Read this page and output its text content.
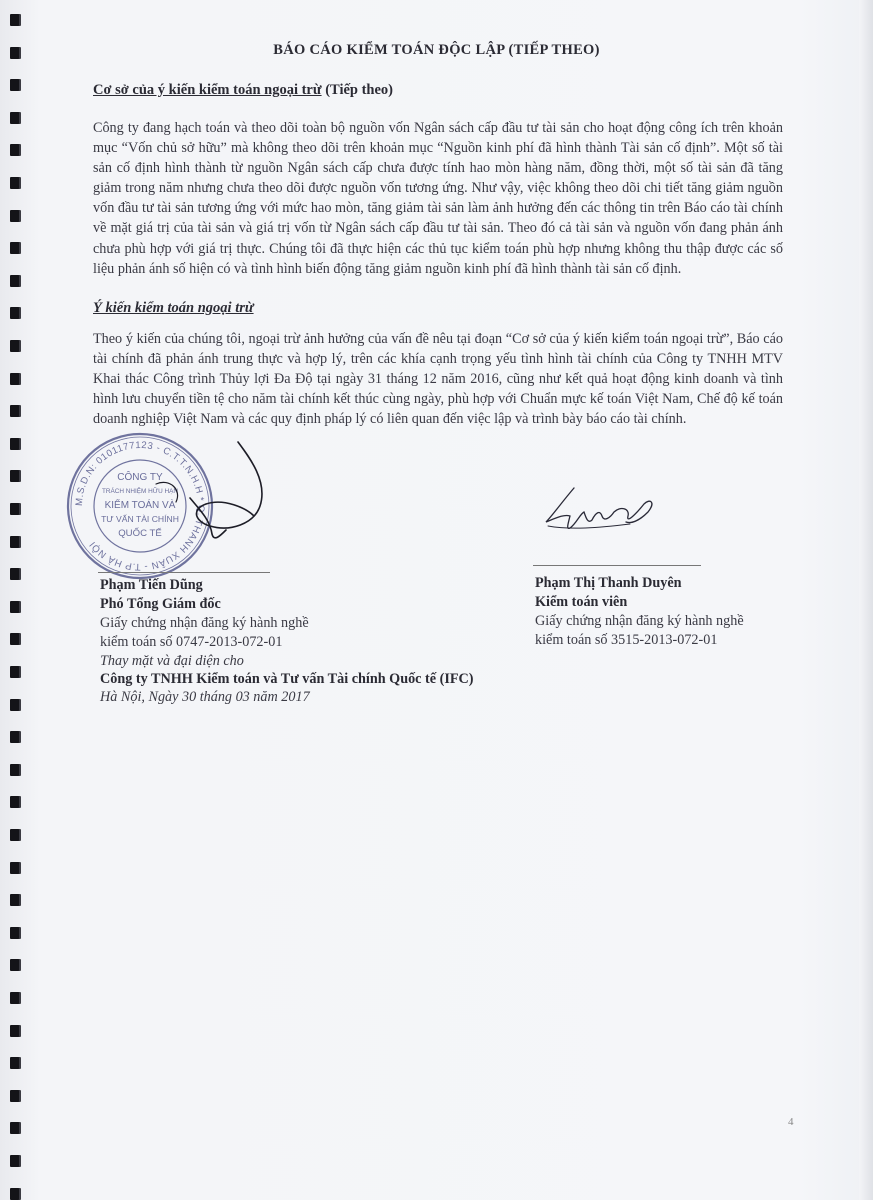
BÁO CÁO KIỂM TOÁN ĐỘC LẬP (TIẾP THEO)
Cơ sở của ý kiến kiểm toán ngoại trừ (Tiếp theo)
Công ty đang hạch toán và theo dõi toàn bộ nguồn vốn Ngân sách cấp đầu tư tài sản cho hoạt động công ích trên khoản mục “Vốn chủ sở hữu” mà không theo dõi trên khoản mục “Nguồn kinh phí đã hình thành Tài sản cố định”. Một số tài sản cố định hình thành từ nguồn Ngân sách cấp chưa được tính hao mòn hàng năm, đồng thời, một số tài sản đã tăng giảm trong năm nhưng chưa theo dõi được nguồn vốn tương ứng. Như vậy, việc không theo dõi chi tiết tăng giảm nguồn vốn đầu tư tài sản tương ứng với mức hao mòn, tăng giảm tài sản làm ảnh hưởng đến các thông tin trên Báo cáo tài chính về mặt giá trị của tài sản và giá trị vốn từ Ngân sách cấp đầu tư tài sản. Theo đó cả tài sản và nguồn vốn đang phản ánh chưa phù hợp với giá trị thực. Chúng tôi đã thực hiện các thủ tục kiểm toán phù hợp nhưng không thu thập được các số liệu phản ánh số hiện có và tình hình biến động tăng giảm nguồn kinh phí đã hình thành tài sản cố định.
Ý kiến kiểm toán ngoại trừ
Theo ý kiến của chúng tôi, ngoại trừ ảnh hưởng của vấn đề nêu tại đoạn “Cơ sở của ý kiến kiểm toán ngoại trừ”, Báo cáo tài chính đã phản ánh trung thực và hợp lý, trên các khía cạnh trọng yếu tình hình tài chính của Công ty TNHH MTV Khai thác Công trình Thủy lợi Đa Độ tại ngày 31 tháng 12 năm 2016, cũng như kết quả hoạt động kinh doanh và tình hình lưu chuyển tiền tệ cho năm tài chính kết thúc cùng ngày, phù hợp với Chuẩn mực kế toán Việt Nam, Chế độ kế toán doanh nghiệp Việt Nam và các quy định pháp lý có liên quan đến việc lập và trình bày báo cáo tài chính.
M.S.D.N: 0101177123 - C.T.T.N.H.H * Q. THANH XUÂN - T.P HÀ NỘI
CÔNG TY
TRÁCH NHIỆM HỮU HẠN
KIỂM TOÁN VÀ
TƯ VẤN TÀI CHÍNH
QUỐC TẾ
Phạm Tiến Dũng
Phó Tổng Giám đốc
Giấy chứng nhận đăng ký hành nghề
kiểm toán số 0747-2013-072-01
Thay mặt và đại diện cho
Công ty TNHH Kiểm toán và Tư vấn Tài chính Quốc tế (IFC)
Hà Nội, Ngày 30 tháng 03 năm 2017
Phạm Thị Thanh Duyên
Kiểm toán viên
Giấy chứng nhận đăng ký hành nghề
kiểm toán số 3515-2013-072-01
4
